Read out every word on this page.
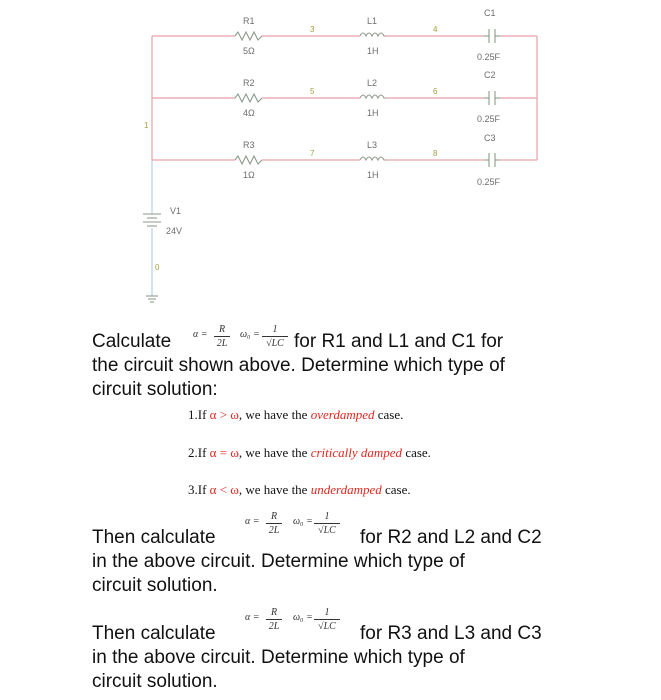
R1
5Ω
R2
4Ω
R3
1Ω
L1
1H
L2
1H
L3
1H
C1
0.25F
C2
0.25F
C3
0.25F
V1
24V
1
3	4
5	6
7	8
0
Calculate α =	R
2L
ω₀ =	1
√LC for R1 and L1 and C1 for
the circuit shown above. Determine which type of
circuit solution:
1.If α > ω, we have the overdamped case.
2.If α = ω, we have the critically damped case.
3.If α < ω, we have the underdamped case.
Then calculate
α =	R
2L
ω₀ =	1
√LC for R2 and L2 and C2
in the above circuit. Determine which type of
circuit solution.
Then calculate
α =	R
2L
ω₀ =	1
√LC for R3 and L3 and C3
in the above circuit. Determine which type of
circuit solution.
